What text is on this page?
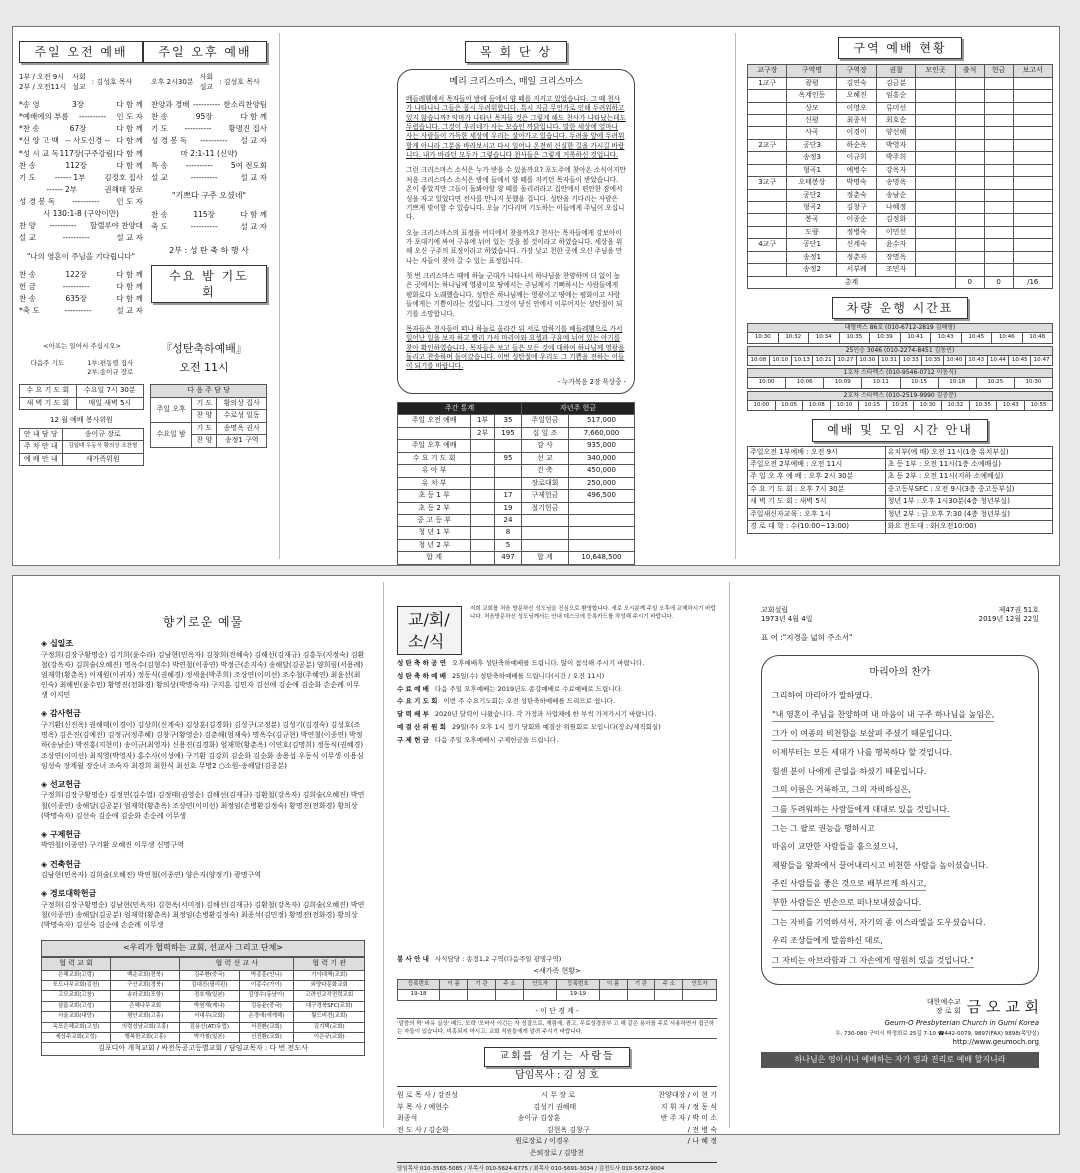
주일 오전 예배	주일 오후 예배
1부 / 오전 9시
2부 / 오전11시
사회
설교
: 김성호 목사
*송 영	3장	다 함 께
*예배에의 부름 ---------- 인 도 자
*찬 송	67장	다 함 께
*신 앙 고 백 -- 사도신경 -- 다 함 께
*성 시 교 독 117장(구주강림) 다 함 께
찬 송	112장	다 함 께
기 도	------ 1부	김정호 집사
------ 2부	권해태 장로
성 경 봉 독 ---------- 인 도 자
시 130:1-8 (구약이만)
찬 양 ---------- 할렐루야 찬양대
설 교	----------	설 교 자
"나의 영혼이 주님을 기다립니다"
찬 송	122장	다 함 께
헌 금	----------	다 함 께
찬 송	635장	다 함 께
*축 도	----------	설 교 자
오후 2시30분
사회
설교
: 김성호 목사
찬양과 경배 ---------- 한소리찬양팀
찬 송	95장	다 함 께
기 도 ---------- 황명진 집사
성 경 봉 독 ---------- 설 교 자
마 2:1-11 (신약)
특 송 ---------- 5여 전도회
설 교	----------	설 교 자
"기쁘다 구주 오셨네"
찬 송	115장	다 함 께
축 도	----------	설 교 자
2부 : 성 탄 축 하 행 사
수요 밤 기도회
<아프는 일어서 주십시오>
다음주 기도	1부:편동렬 집사
2부:송이규 장로
『성탄축하예배』
오전 11시
수 요 기 도 회	수요일 7시 30분
새 벽 기 도 회	매일 새벽 5시
12 월 예배 봉사위원
안 내 담 당	송이규 장로
주 차 안 내	김일태 우동식 황의상 조찬형
예 배 안 내	새가족위원
다 음 주 담 당		
주일 오후	기 도	황의상 집사
	찬 양	수로성 일동
수요일 밤	기 도	송명옥 권사
	찬 양	송정1 구역
목 회 단 상
메리 크리스마스, 매일 크리스마스

메들레헴에서 목자들이 밤에 들에서 양 떼를 지키고 있었습니다. 그 때 천사가 나타나니 그들은 몹시 두려워합니다. 특시 지금 무언가로 인해 두려워하고 있지 않습니까? 악마가 나타난 목자들 것은 그렇게 해도 천사가 나타났는데도 두렵습니다. 그것이 우리네가 사는 모습인 까닭입니다. 말한 세상에 얼마나 사는 사람들이 가득한 세상에 우리는 살아가고 있습니다. 두려움 앞에 두려워 할게 아니라 그분을 바라보시고 다시 일어나 온전히 신실한 길을 가시길 바랍니다. 내가 바라던 모두가 그렇습니다 천사들은 그렇게 거룩하신 것입니다.

그런 크리스마스 소식은 누가 받을 수 있을까요? 포도주에 찾아온 소식이지만 처음 크리스마스 소식은 밤에 들에서 양 떼를 지키던 목자들이 받았습니다. 온이 좋았지만 그들이 돌봐야할 양 떼를 돌리러라고 집안에서 편안한 잠에서 성을 자고 있었다면 전사를 만나지 못했을 겁니다. 성탄을 기다리는 사람은 기쁘게 맞이할 수 있습니다. 오늘 기다리며 기도하는 이들에게 주님이 오십니다.

오늘 크리스마스의 표정을 어디에서 찾을까요? 천사는 목자들에게 강보아이가 포대기에 싸여 구유에 뉘어 있는 것을 볼 것이라고 하였습니다. 세상을 위해 오신 구주의 표정이라고 하였습니다. 가장 낮고 천한 곳에 오신 주님을 만나는 자들이 찾아 갈 수 있는 표정입니다.

첫 번 크리스마스 때에 하늘 군대가 나타나서 하나님을 찬양하며 더 없이 높은 곳에서는 하나님께 영광이요 땅에서는 주님께서 기뻐하시는 사람들에게 평화로다 노래했습니다. 성탄은 하나님께는 영광이고 땅에는 평화이고 사람들에게는 기쁨이라는 것입니다. 그것이 당신 안에서 이루어지는 성탄절이 되기를 소망합니다.

목자들은 천사들이 떠나 하늘로 올라간 뒤 서로 말하기를 베들레헴으로 가서 일어난 일을 보자 하고 빨리 가서 마리아와 요셉과 구유에 뉘어 있는 아기를 찾아 확인하였습니다. 목자들은 보고 들은 모든 것에 대하여 하나님께 영광을 돌리고 찬송하며 돌아갔습니다. 이번 성탄절에 우리도 그 기쁨을 전하는 이들이 되기를 바랍니다.

- 누가복음 2장 묵상중 -
주간 통계			자년주 헌금	
주일 오전 예배	1부	35	주일헌금	517,000
	2부	195	십 일 조	7,660,000
주일 오후 예배			감 사	935,000
수 요 기 도 회		95	선 교	340,000
유 아 부			건 축	450,000
유 치 부			장로대회	250,000
초 등 1 부		17	구제헌금	496,500
초 등 2 부		19	절기헌금	
중 고 등 부		24		
청 년 1 부		8		
청 년 2 부		5		
합 계		497	합 계	10,648,500
구역 예배 현황
교구장	구역명	구역장	권찰	모인곳	출석	헌금	보고서
1교구	광평	김연숙	김금분				
	옥계인동	오혜진	임흥순				
	상모	이영오	류미선				
	신평	최종석	최호순				
	사곡	이경이	양선해				
2교구	공단3	하순옥	박영자				
	송정3	이규희	박주희				
	형곡1	예병수	강옥자				
3교구	오태봉상	박명숙	송명옥				
	공단2	정춘숙	송남순				
	형곡2	김창구	나혜정				
	봉곡	이종순	김정화				
	도량	정병숙	이민선				
4교구	공단1	신계숙	윤수자				
	송정1	정춘자	장명옥				
	송정2	서부례	조민자				
총계					0	0	/16
차량 운행 시간표
대형버스 86호 (010-6712-2819 김해영)
10:30	10:32	10:34	10:35	10:39	10:41	10:43	10:45	10:46	10:48
25인승 3046 (010-2274-8451 김동민)
10:08	10:10	10:13	10:21	10:27	10:30	10:31	10:33	10:35	10:40	10:43	10:44	10:45	10:47
1호차 스타렉스 (010-9546-0712 이동식)
10:00	10:06	10:09	10:11	10:15	10:18	10:25	10:30
2호차 스타렉스 (010-2519-9990 김공분)
10:00	10:05	10:08	10:10	10:15	10:25	10:30	10:32	10:35	10:43	10:55
예배 및 모임 시간 안내
주일오전 1부예배 : 오전 9시	유치부(예 배) 오전 11시(1층 유치부실)
주일오전 2부예배 : 오전 11시	초 등 1부 : 오전 11시(1층 소예배실)
주 일 오 후 예 배 : 오후 2시 30분	초 등 2부 : 오전 11시(지하 소예배실)
수 요 기 도 회 : 오후 7시 30분	중고등부SFC : 오전 9시(3층 중고등부실)
새 벽 기 도 회 : 새벽 5시	청년 1부 : 오후 1시30분(4층 청년부실)
주일새신자교육 : 오후 1시	청년 2부 : 금 오후 7:30 (4층 청년부실)
경 로 대 학 : 수(10:00~13:00)	화요 전도대 : 화(오전10:00)
향기로운 예물
◈ 십일조
구정희(김장구황명순) 김기희(윤수라) 김남현(민옥자) 김창희(전혜숙) 김해선(김재규) 김흥두(지정숙) 김환철(강옥자) 김희술(오혜진) 명옥수(김형수) 박연철(이종연) 박정근(손지숙) 송해달(김공분) 양희림(서용례) 엄재학(황춘옥) 이재원(이귀자) 정동식(권혜경) 정세윤(박주희) 조상연(이미선) 조수철(주혜연) 최윤선(최인숙) 최해빈(윤수민) 황명진(전화경) 황의상(박명숙자) 구지훈 김민자 김선애 김순애 김순화 손순례 이무생 이지민
◈ 감사헌금
구기환(신진옥) 권해태(이경이) 김상희(신계숙) 김상훈(김경화) 김성구(고정분) 김성기(김경숙) 김성호(조명옥) 김은진(김예진) 김정규(정주혜) 김창구(황영순) 김춘해(엄재숙) 명옥수(김규현) 박연철(이종연) 박정하(송남순) 박진홍(지현미) 송이규(최영자) 신용진(김경화) 엄재학(황춘옥) 이연호(김명희) 정동식(권혜경) 조상연(이미선) 최직영(박영자) 홍수사(이성예) 구기환 김강희 김순화 김순화 송용섭 우동식 이무생 이용심 임성숙 장계월 장순녀 조숙자 최경희 최한식 최선호 무명2 ○소원-송해달(김공분)
◈ 선교헌금
구정희(김장구황명순) 김정연(김수열) 김정태(권영순) 김해선(김재규) 김환철(강옥자) 김희술(오혜진) 박연철(이종연) 송해달(김공분) 엄재학(황춘옥) 조상연(이미선) 최정임(손병환김정숙) 황명진(전화경) 황의상(박명숙자) 김선숙 김순애 김순화 손순례 이무생
◈ 구제헌금
박연철(이종연) 구기환 오혜진 이무생 신명구역
◈ 건축헌금
김남현(민옥자) 김희술(오혜진) 박연철(이종연) 양은지(양정기) 광명구역
◈ 경로대학헌금
구정희(김장구황명순) 김남현(민옥자) 김현옥(서미정) 김해선(김재규) 김환철(강옥자) 김희술(오혜진) 박연철(이종연) 송해달(김공분) 엄재학(황춘옥) 최정임(손병환김정숙) 최종석(김민정) 황명진(전화경) 황의상(박명숙자) 김선숙 김순애 손순례 이무생
<우리가 협력하는 교회, 선교사 그리고 단체>
협 력 교 회		협 력 선 교 사		협 력 기 관
은혜교회(고령)	백운교회(전북)	김주환(중국)	박종훈(인니)	기아대책(교회)
포도나무교회(김천)	구산교회(경북)	김대진(필리핀)	이종수(가이)	외양다문화교회
고모교회(고창)	송라교회(포항)	정호재(일본)	김영수(동남아)	고려선교작전력교회
살롬교회(고성)	은혜나무교회	박원재(케냐)	김동윤(중국)	대구경북SFC(교회)
서울교회(내당)	평안교회(고흥)	서대우(교회)	손경애(에게해)	월드비전(교회)
옥포은혜교회(고성)	의령성남교회(고흥)	김용신(AT/유럽)	서진환(교회)	김기택(교회)
세상주교회(고성)	행복한교회(고흥)	박가철(일본)	신진환(교회)	이은규(교회)
김포디아 개척교회 / 싸전독공고등별교회 / 담임교목자 : 다 번 전도사				
교/회/소/식
저희 교회를 처음 방문하신 성도님을 진심으로 환영합니다. 새로 오시분께 주일 오후에 교제하시기 바랍니다. 처음방문하신 성도님께서는 안내 데스크에 등록카드를 작성해 주시기 바랍니다.
성 탄 축 하 공 연 오후예배후 성탄축하예배를 드립니다. 많이 참석해 주시기 바랍니다.
성 탄 축 하 예 배 25일(수) 성탄축하예배를 드립니다(시간 / 오전 11시)
수 료 예 배 다음 주일 오후예배는 2019년도 종강예배로 수료예배로 드립니다.
수 요 기 도 회 이번 주 수요기도회는 오전 성탄축하예배를 드리므로 쉽니다.
달 력 배 부 2020년 달력이 나왔습니다. 각 가정과 사업체에 한 부씩 가져가시기 바랍니다.
예 결 산 위 원 회 29일(주) 오후 1시 정기 당회와 예결산 위원회로 모입니다(장소/제직회실)
구 제 헌 금 다음 주일 오후예배시 구제헌금을 드립니다.
봉 사 안 내 사식담당 : 송정1,2 구역(다음주일 광명구역)
<새가족 현황>
등록번호	이 름	기 관	주 소	인도자	등록번호	이 름	기 관	주 소	인도자
19-18					19-19				
- 이 단 경 계 -
'말씀의 짝' 바유 실상' 베드, 모략 '모바사 이긴는 자 성결으로, 재림예, 광고, 무료성경공부 고 해 같은 용어를 주로 사용하면서 접근하는 자들이 있습니다. 미혹되지 마시고, 교회 직원들에게 알려 주시기 바랍니다.
교회를 섬기는 사람들
담임목사 : 김 성 호
원 로 목 사 / 강진성	시 무 장 로	찬양대장 / 이 현 기
부 목 사 / 예현수	김성기 권해태	지 휘 자 / 정 동 식
최종석	송이규 김상훈	반 주 자 / 박 미 소
전 도 사 / 김순화	김현옥 김창구	/ 전 병 숙
원로장로 / 이경우	/ 나 혜 정
은퇴장로 / 김방천
담임목사 010-3565-5085 / 부목사 010-5624-6775 / 최목사 010-5691-3034 / 김전도사 010-5672-9004
교회설립
1973년 4월 4일
제47권 51호
2019년 12월 22일
표 어 :"지경을 넓혀 주소서"
마리아의 찬가
그리하여 마리아가 말하였다.
"내 영혼이 주님을 찬양하며 내 마음이 내 구주 하나님을 높임은,
그가 이 여종의 비천함을 보살펴 주셨기 때문입니다.
이제부터는 모든 세대가 나를 행복하다 할 것입니다.
힘센 분이 나에게 큰일을 하셨기 때문입니다.
그의 이름은 거룩하고, 그의 자비하심은,
그를 두려워하는 사람들에게 대대로 있을 것입니다.
그는 그 팔로 권능을 행하시고
마음이 교만한 사람들을 흩으셨으니,
제왕들을 왕좌에서 끌어내리시고 비천한 사람을 높이셨습니다.
주린 사람들을 좋은 것으로 배부르게 하시고,
부한 사람들은 빈손으로 떠나보내셨습니다.
그는 자비를 기억하셔서, 자기의 종 이스라엘을 도우셨습니다.
우리 조상들에게 말씀하신 대로,
그 자비는 아브라함과 그 자손에게 영원히 있을 것입니다."

대한예수교
장 로 회 금 오 교 회
Geum-O Presbyterian Church in Gumi Korea
우. 730-080 구미시 박정희로 25길 7-10 ☎442-0079, 9897(FAX) 9898(목양실)
http://www.geumoch.org
하나님은 영이시니 예배하는 자가 영과 진리로 예배 할지니라
